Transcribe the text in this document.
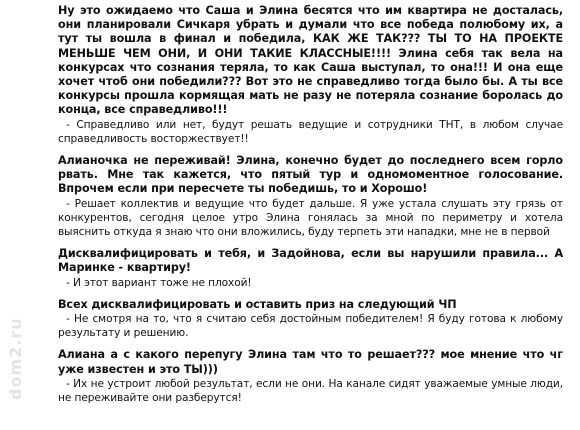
dom2.ru

Ну это ожидаемо что Саша и Элина бесятся что им квартира не досталась, они планировали Сичкаря убрать и думали что все победа полюбому их, а тут ты вошла в финал и победила, КАК ЖЕ ТАК??? ТЫ ТО НА ПРОЕКТЕ МЕНЬШЕ ЧЕМ ОНИ, И ОНИ ТАКИЕ КЛАССНЫЕ!!!! Элина себя так вела на конкурсах что сознания теряла, то как Саша выступал, то она!!! И она еще хочет чтоб они победили??? Вот это не справедливо тогда было бы. А ты все конкурсы прошла кормящая мать не разу не потеряла сознание боролась до конца, все справедливо!!!

- Справедливо или нет, будут решать ведущие и сотрудники ТНТ, в любом случае справедливость восторжествует!!

Алианочка не переживай! Элина, конечно будет до последнего всем горло рвать. Мне так кажется, что пятый тур и одномоментное голосование. Впрочем если при пересчете ты победишь, то и Хорошо!

- Решает коллектив и ведущие что будет дальше. Я уже устала слушать эту грязь от конкурентов, сегодня целое утро Элина гонялась за мной по периметру и хотела выяснить откуда я знаю что они вложились, буду терпеть эти нападки, мне не в первой

Дисквалифицировать и тебя, и Задойнова, если вы нарушили правила... А Маринке - квартиру!

- И этот вариант тоже не плохой!

Всех дисквалифицировать и оставить приз на следующий ЧП

- Не смотря на то, что я считаю себя достойным победителем! Я буду готова к любому результату и решению.

Алиана а с какого перепугу Элина там что то решает??? мое мнение что чг уже известен и это ТЫ)))

- Их не устроит любой результат, если не они. На канале сидят уважаемые умные люди, не переживайте они разберутся!
